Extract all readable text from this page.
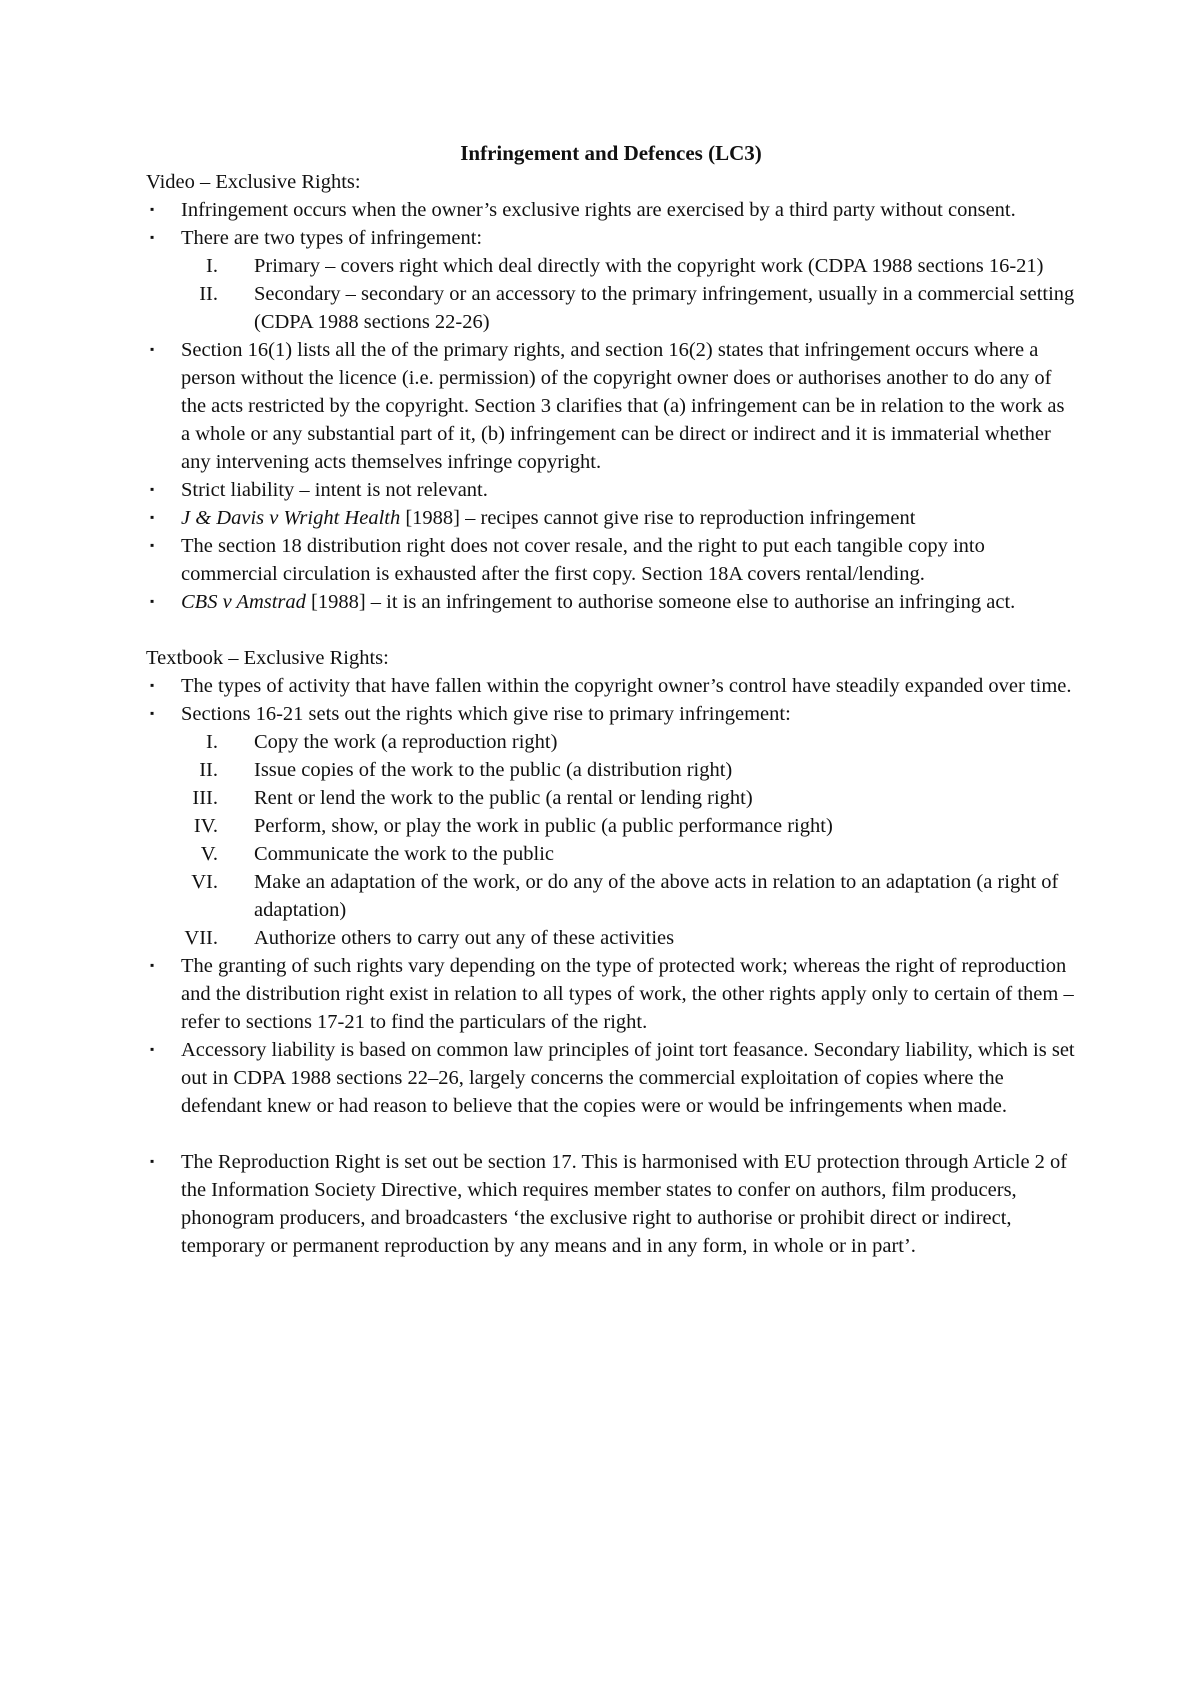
Infringement and Defences (LC3)

Video – Exclusive Rights:

▪ Infringement occurs when the owner’s exclusive rights are exercised by a third party without consent.
▪ There are two types of infringement:
I. Primary – covers right which deal directly with the copyright work (CDPA 1988 sections 16-21)
II. Secondary – secondary or an accessory to the primary infringement, usually in a commercial setting (CDPA 1988 sections 22-26)
▪ Section 16(1) lists all the of the primary rights, and section 16(2) states that infringement occurs where a person without the licence (i.e. permission) of the copyright owner does or authorises another to do any of the acts restricted by the copyright. Section 3 clarifies that (a) infringement can be in relation to the work as a whole or any substantial part of it, (b) infringement can be direct or indirect and it is immaterial whether any intervening acts themselves infringe copyright.
▪ Strict liability – intent is not relevant.
▪ J & Davis v Wright Health [1988] – recipes cannot give rise to reproduction infringement
▪ The section 18 distribution right does not cover resale, and the right to put each tangible copy into commercial circulation is exhausted after the first copy. Section 18A covers rental/lending.
▪ CBS v Amstrad [1988] – it is an infringement to authorise someone else to authorise an infringing act.

Textbook – Exclusive Rights:

▪ The types of activity that have fallen within the copyright owner’s control have steadily expanded over time.
▪ Sections 16-21 sets out the rights which give rise to primary infringement:
I. Copy the work (a reproduction right)
II. Issue copies of the work to the public (a distribution right)
III. Rent or lend the work to the public (a rental or lending right)
IV. Perform, show, or play the work in public (a public performance right)
V. Communicate the work to the public
VI. Make an adaptation of the work, or do any of the above acts in relation to an adaptation (a right of adaptation)
VII. Authorize others to carry out any of these activities
▪ The granting of such rights vary depending on the type of protected work; whereas the right of reproduction and the distribution right exist in relation to all types of work, the other rights apply only to certain of them – refer to sections 17-21 to find the particulars of the right.
▪ Accessory liability is based on common law principles of joint tort feasance. Secondary liability, which is set out in CDPA 1988 sections 22–26, largely concerns the commercial exploitation of copies where the defendant knew or had reason to believe that the copies were or would be infringements when made.
▪ The Reproduction Right is set out be section 17. This is harmonised with EU protection through Article 2 of the Information Society Directive, which requires member states to confer on authors, film producers, phonogram producers, and broadcasters ‘the exclusive right to authorise or prohibit direct or indirect, temporary or permanent reproduction by any means and in any form, in whole or in part’.
